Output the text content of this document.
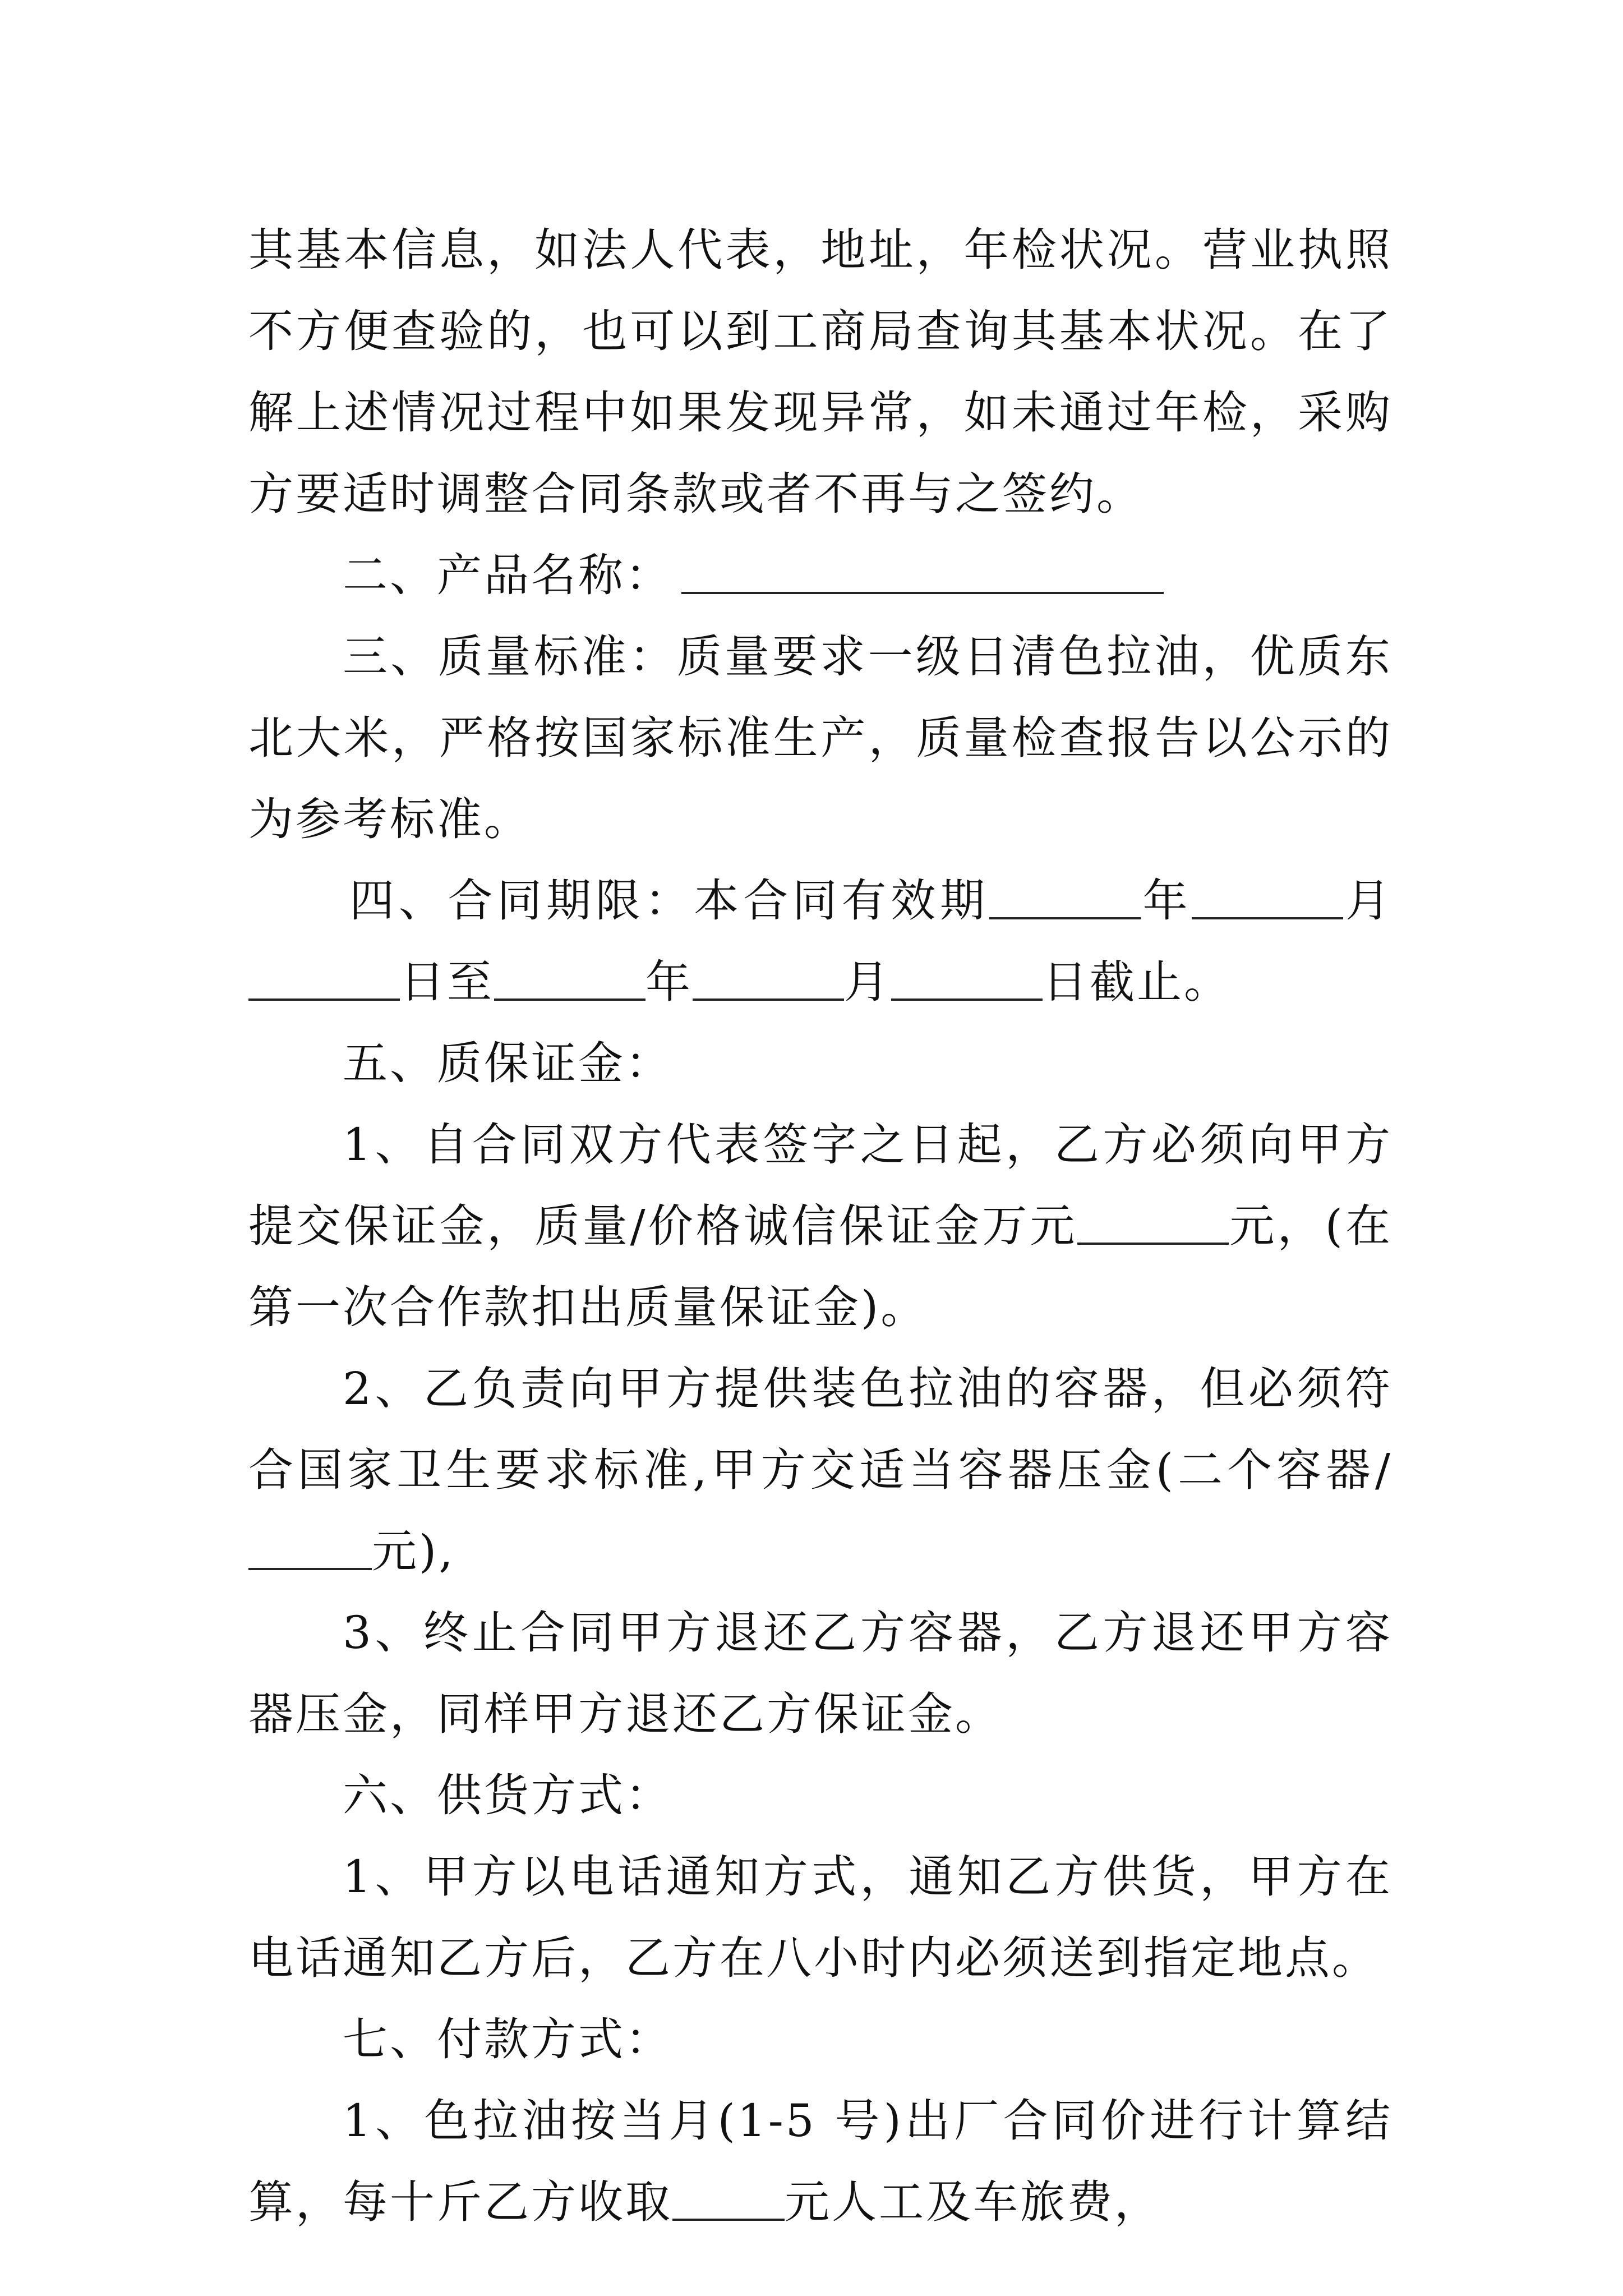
其基本信息，如法人代表，地址，年检状况。营业执照不方便查验的，也可以到工商局查询其基本状况。在了解上述情况过程中如果发现异常，如未通过年检，采购方要适时调整合同条款或者不再与之签约。

二、产品名称：

三、质量标准：质量要求一级日清色拉油，优质东北大米，严格按国家标准生产，质量检查报告以公示的为参考标准。

四、合同期限：本合同有效期	年	月日至	年	月	日截止。

五、质保证金：

1、自合同双方代表签字之日起，乙方必须向甲方提交保证金，质量/价格诚信保证金万元	元，(在第一次合作款扣出质量保证金)。

2、乙负责向甲方提供装色拉油的容器，但必须符合国家卫生要求标准,甲方交适当容器压金(二个容器/元),

3、终止合同甲方退还乙方容器，乙方退还甲方容器压金，同样甲方退还乙方保证金。

六、供货方式：

1、甲方以电话通知方式，通知乙方供货，甲方在电话通知乙方后，乙方在八小时内必须送到指定地点。

七、付款方式：

1、色拉油按当月(1-5 号)出厂合同价进行计算结算，每十斤乙方收取	元人工及车旅费，
